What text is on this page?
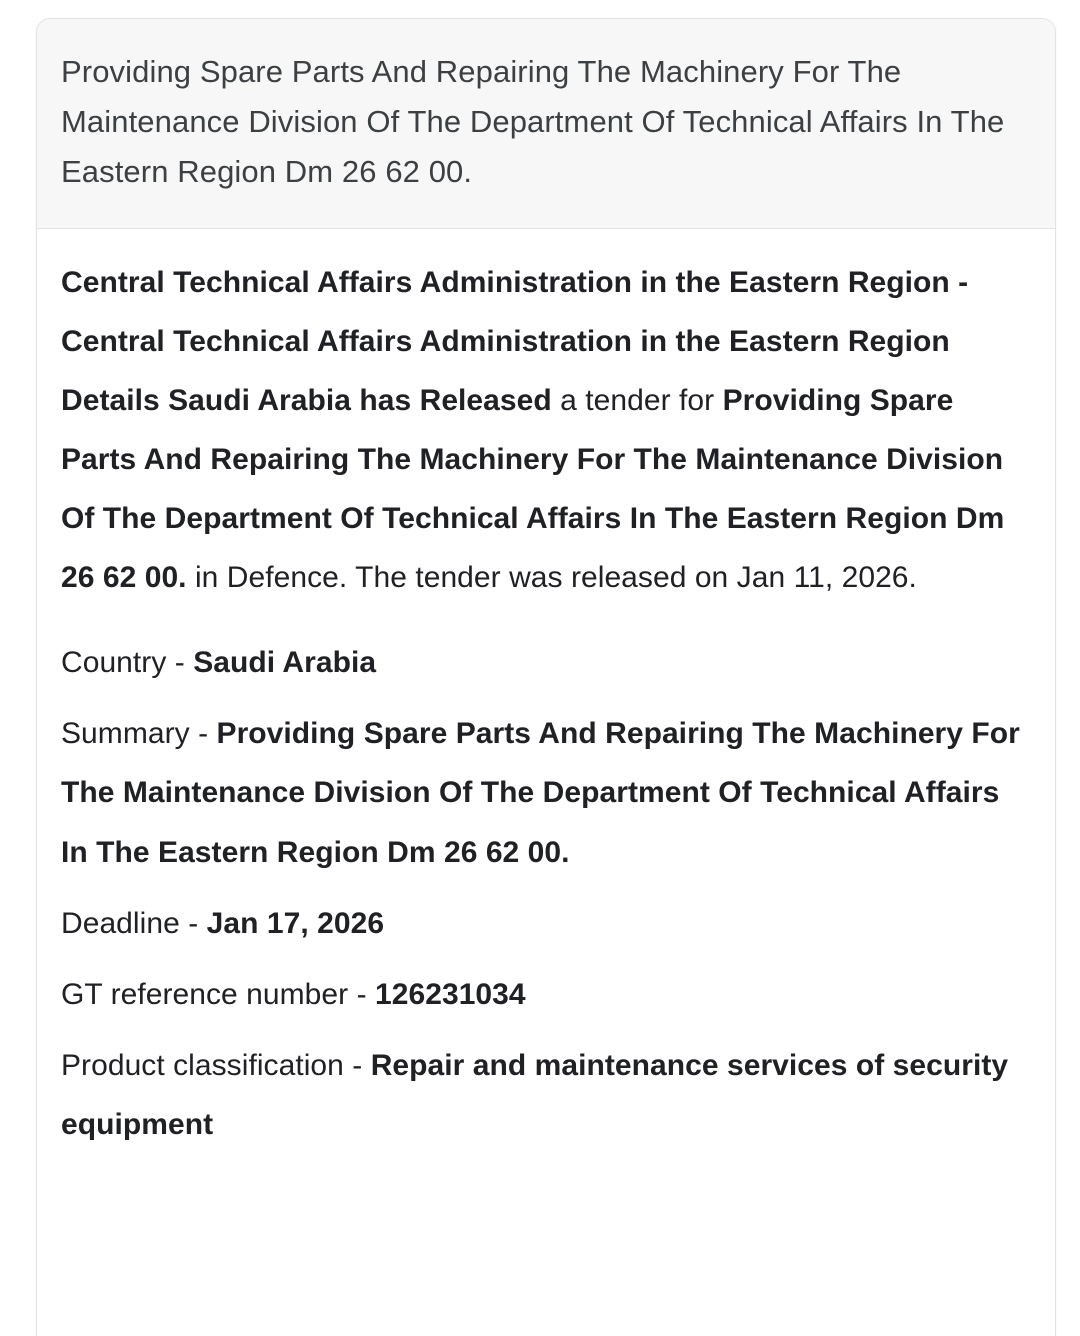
Providing Spare Parts And Repairing The Machinery For The Maintenance Division Of The Department Of Technical Affairs In The Eastern Region Dm 26 62 00.

Central Technical Affairs Administration in the Eastern Region - Central Technical Affairs Administration in the Eastern Region Details Saudi Arabia has Released a tender for Providing Spare Parts And Repairing The Machinery For The Maintenance Division Of The Department Of Technical Affairs In The Eastern Region Dm 26 62 00. in Defence. The tender was released on Jan 11, 2026.

Country - Saudi Arabia

Summary - Providing Spare Parts And Repairing The Machinery For The Maintenance Division Of The Department Of Technical Affairs In The Eastern Region Dm 26 62 00.

Deadline - Jan 17, 2026

GT reference number - 126231034

Product classification - Repair and maintenance services of security equipment
